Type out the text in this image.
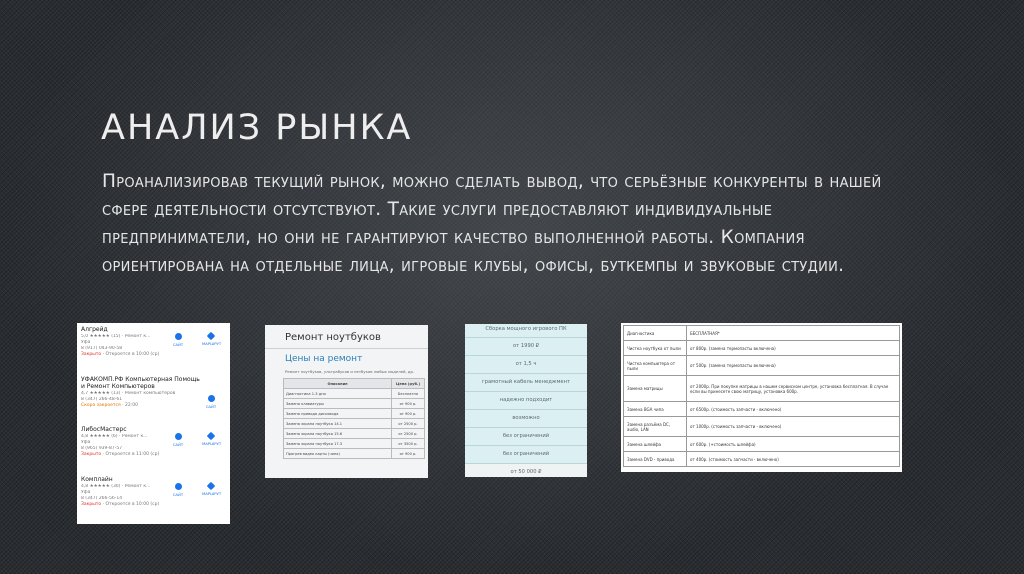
АНАЛИЗ РЫНКА

Проанализировав текущий рынок, можно сделать вывод, что серьёзные конкуренты в нашей сфере деятельности отсутствуют. Такие услуги предоставляют индивидуальные предприниматели, но они не гарантируют качество выполненной работы. Компания ориентирована на отдельные лица, игровые клубы, офисы, буткемпы и звуковые студии.

Алгрейд
5,0 ★★★★★ (15) · Ремонт к...
Уфа
8 (917) 043-90-58
Закрыто · Откроется в 10:00 (ср)
САЙТ	МАРШРУТ
УФАКОМП.РФ Компьютерная Помощь и Ремонт Компьютеров
4,7 ★★★★★ (13) · Ремонт компьютеров
8 (347) 266-48-61
Скоро закроется · 22:00	САЙТ
ЛибосМастерс
4,8 ★★★★★ (6) · Ремонт к...
Уфа
8 (965) 939-87-57
Закрыто · Откроется в 11:00 (ср)
САЙТ	МАРШРУТ
Комплайн
4,8 ★★★★★ (30) · Ремонт к...
Уфа
8 (347) 266-56-14
Закрыто · Откроется в 10:00 (ср)
САЙТ	МАРШРУТ
Ремонт ноутбуков
Цены на ремонт
Ремонт ноутбуков, ультрабуков и нетбуков любых моделей, др.
Описание	Цена (руб.)
Диагностика 1-3 дня	Бесплатно
Замена клавиатуры	от 900 р.
Замена привода дисковода	от 900 р.
Замена экрана ноутбука 14.1	от 2500 р.
Замена экрана ноутбука 15.6	от 2500 р.
Замена экрана ноутбука 17.3	от 3500 р.
Прогрев видео карты (чипа)	от 900 р.
Сборка мощного игрового ПК
от 1990 ₽
от 1,5 ч
грамотный кабель менеджмент
надежно подходит
возможно
без ограничений
без ограничений
от 50 000 ₽
Диагностика	БЕСПЛАТНАЯ*
Чистка ноутбука от пыли	от 800р. (замена термопасты включена)
Чистка компьютера от пыли	от 500р. (замена термопасты включена)
Замена матрицы	от 2000р. При покупке матрицы в нашем сервисном центре, установка бесплатная. В случае если вы принесете свою матрицу, установка 600р.
Замена BGA чипа	от 6500р. (стоимость запчасти - включено)
Замена разъёма DC, audio, LAN	от 1000р. (стоимость запчасти - включено)
Замена шлейфа	от 600р. (+стоимость шлейфа)
Замена DVD - привода	от 400р. (стоимость запчасти - включено)
